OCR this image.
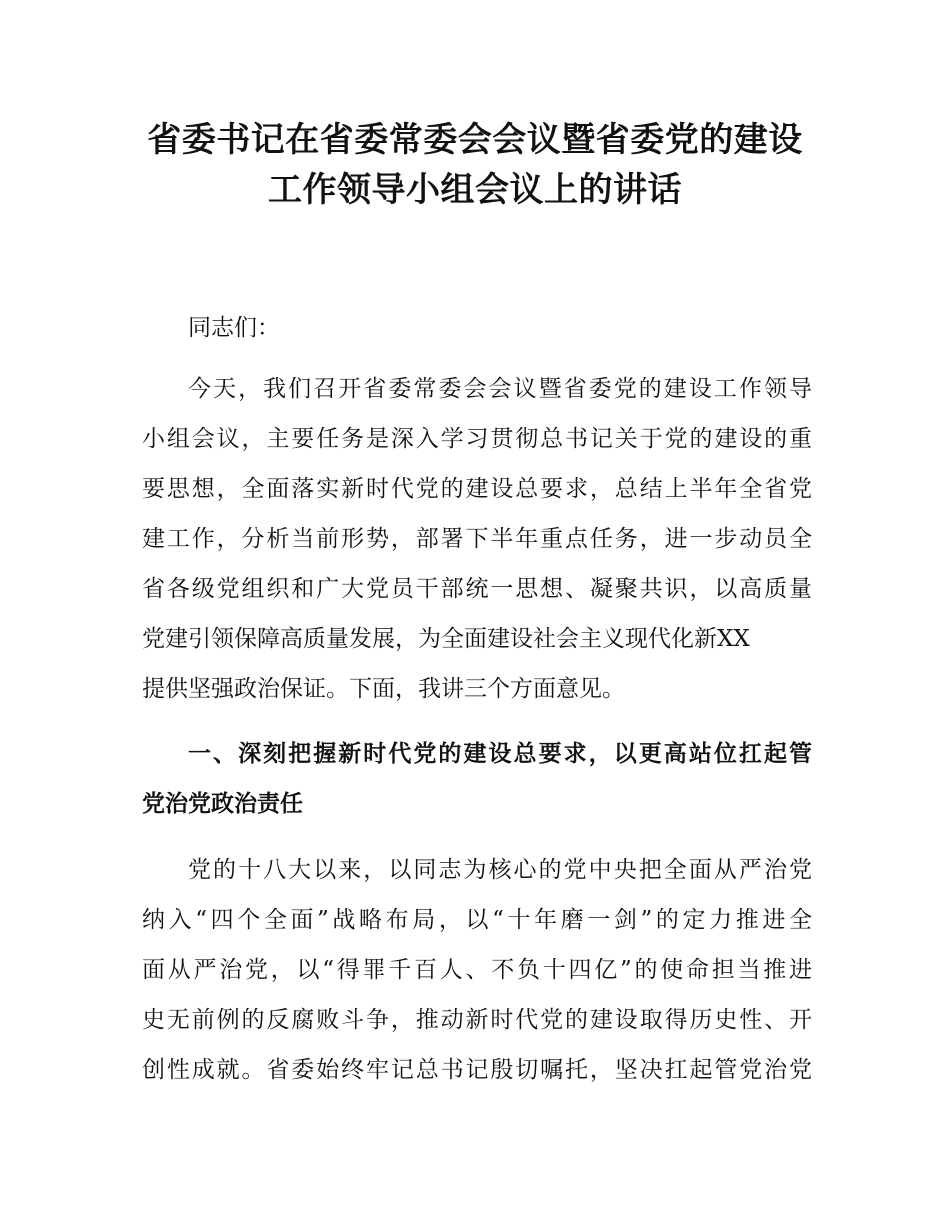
省委书记在省委常委会会议暨省委党的建设
工作领导小组会议上的讲话

同志们：

今天，我们召开省委常委会会议暨省委党的建设工作领导
小组会议，主要任务是深入学习贯彻总书记关于党的建设的重
要思想，全面落实新时代党的建设总要求，总结上半年全省党
建工作，分析当前形势，部署下半年重点任务，进一步动员全
省各级党组织和广大党员干部统一思想、凝聚共识，以高质量
党建引领保障高质量发展，为全面建设社会主义现代化新XX
提供坚强政治保证。下面，我讲三个方面意见。

一、深刻把握新时代党的建设总要求，以更高站位扛起管
党治党政治责任

党的十八大以来，以同志为核心的党中央把全面从严治党
纳入“四个全面”战略布局，以“十年磨一剑”的定力推进全
面从严治党，以“得罪千百人、不负十四亿”的使命担当推进
史无前例的反腐败斗争，推动新时代党的建设取得历史性、开
创性成就。省委始终牢记总书记殷切嘱托，坚决扛起管党治党
